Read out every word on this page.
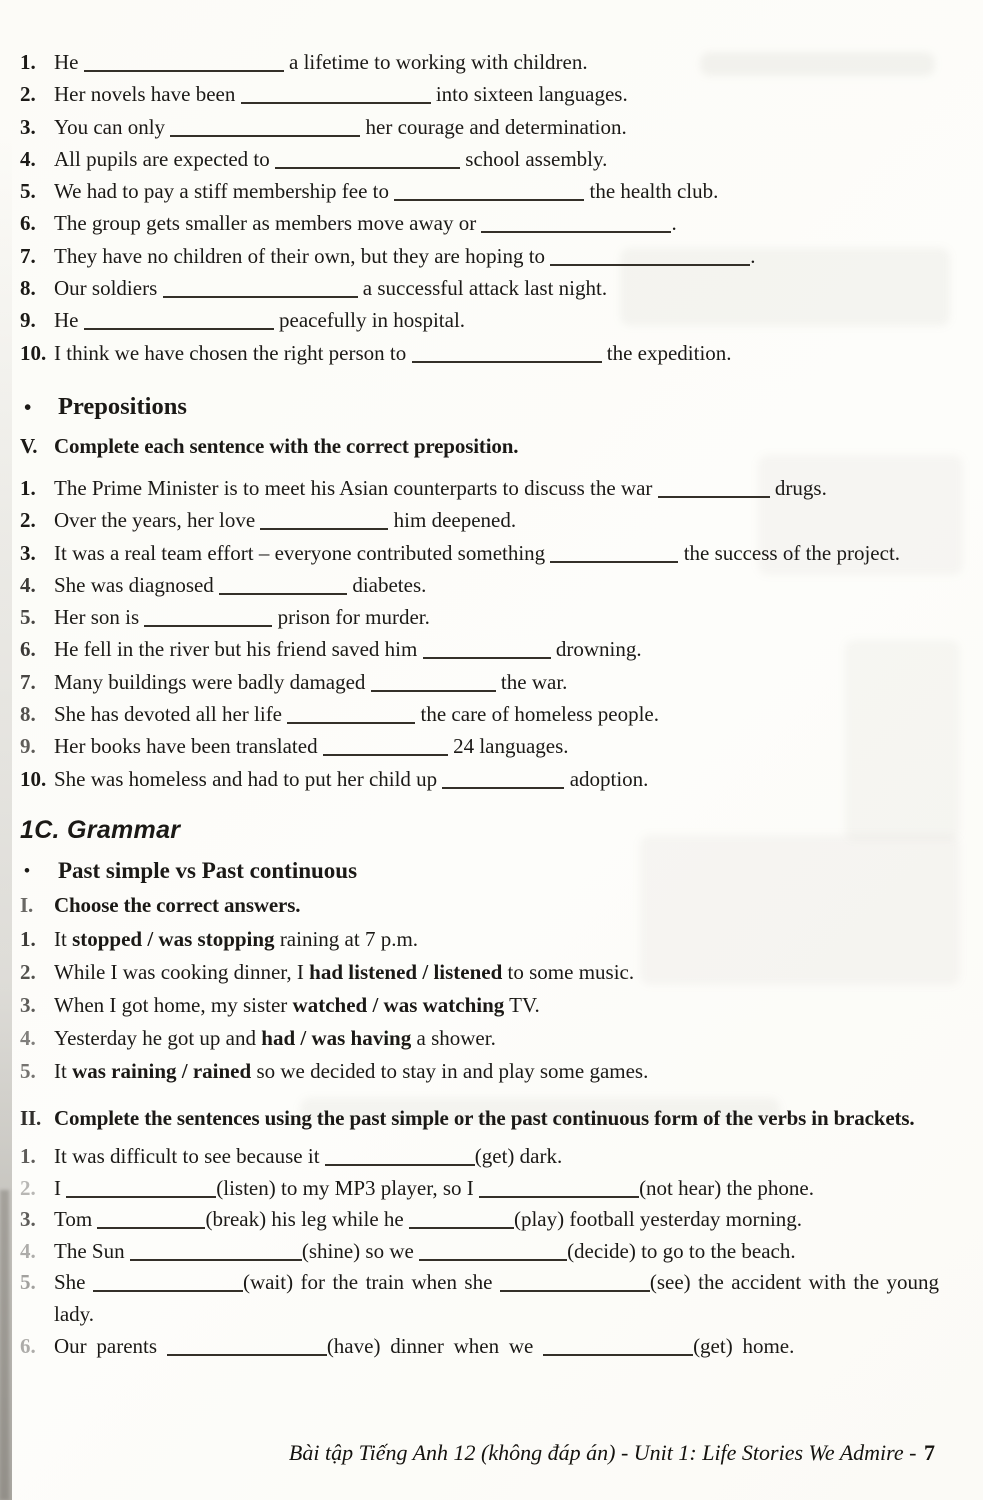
1. He	a lifetime to working with children.
2. Her novels have been	into sixteen languages.
3. You can only	her courage and determination.
4. All pupils are expected to	school assembly.
5. We had to pay a stiff membership fee to	the health club.
6. The group gets smaller as members move away or	.
7. They have no children of their own, but they are hoping to	.
8. Our soldiers	a successful attack last night.
9. He	peacefully in hospital.
10. I think we have chosen the right person to	the expedition.
•	Prepositions
V. Complete each sentence with the correct preposition.
1. The Prime Minister is to meet his Asian counterparts to discuss the war	drugs.
2. Over the years, her love	him deepened.
3. It was a real team effort – everyone contributed something	the success of the project.
4. She was diagnosed	diabetes.
5. Her son is	prison for murder.
6. He fell in the river but his friend saved him	drowning.
7. Many buildings were badly damaged	the war.
8. She has devoted all her life	the care of homeless people.
9. Her books have been translated	24 languages.
10. She was homeless and had to put her child up	adoption.
1C. Grammar
•	Past simple vs Past continuous
I. Choose the correct answers.
1. It stopped / was stopping raining at 7 p.m.
2. While I was cooking dinner, I had listened / listened to some music.
3. When I got home, my sister watched / was watching TV.
4. Yesterday he got up and had / was having a shower.
5. It was raining / rained so we decided to stay in and play some games.
II. Complete the sentences using the past simple or the past continuous form of the verbs in brackets.
1. It was difficult to see because it	(get) dark.
2. I	(listen) to my MP3 player, so I	(not hear) the phone.
3. Tom	(break) his leg while he	(play) football yesterday morning.
4. The Sun	(shine) so we	(decide) to go to the beach.
5. She	(wait) for the train when she	(see) the accident with the young lady.
6. Our parents	(have) dinner when we	(get) home.
Bài tập Tiếng Anh 12 (không đáp án) - Unit 1: Life Stories We Admire - 7
